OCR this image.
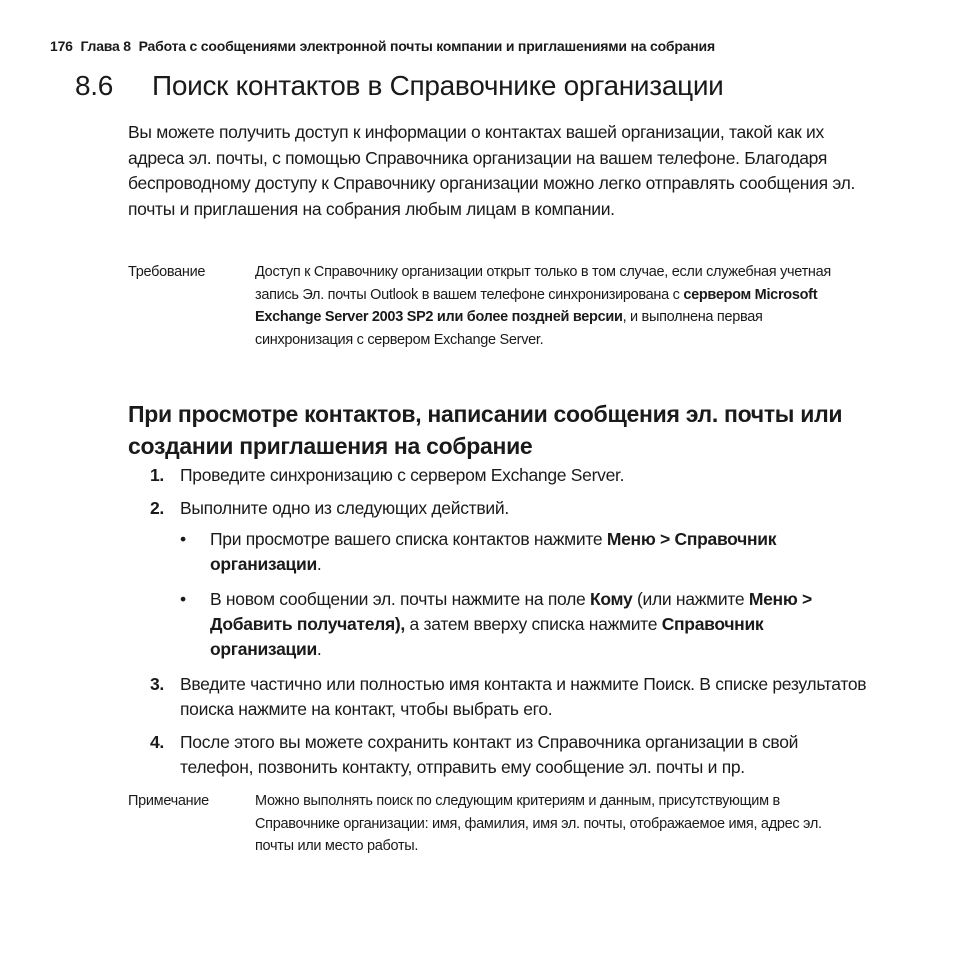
176 Глава 8 Работа с сообщениями электронной почты компании и приглашениями на собрания
8.6 Поиск контактов в Справочнике организации

Вы можете получить доступ к информации о контактах вашей организации, такой как их адреса эл. почты, с помощью Справочника организации на вашем телефоне. Благодаря беспроводному доступу к Справочнику организации можно легко отправлять сообщения эл. почты и приглашения на собрания любым лицам в компании.

Требование	Доступ к Справочнику организации открыт только в том случае, если служебная учетная запись Эл. почты Outlook в вашем телефоне синхронизирована с сервером Microsoft Exchange Server 2003 SP2 или более поздней версии, и выполнена первая синхронизация с сервером Exchange Server.
При просмотре контактов, написании сообщения эл. почты или создании приглашения на собрание
1. Проведите синхронизацию с сервером Exchange Server.
2. Выполните одно из следующих действий.
• При просмотре вашего списка контактов нажмите Меню > Справочник организации.
• В новом сообщении эл. почты нажмите на поле Кому (или нажмите Меню > Добавить получателя), а затем вверху списка нажмите Справочник организации.
3. Введите частично или полностью имя контакта и нажмите Поиск. В списке результатов поиска нажмите на контакт, чтобы выбрать его.
4. После этого вы можете сохранить контакт из Справочника организации в свой телефон, позвонить контакту, отправить ему сообщение эл. почты и пр.
Примечание	Можно выполнять поиск по следующим критериям и данным, присутствующим в Справочнике организации: имя, фамилия, имя эл. почты, отображаемое имя, адрес эл. почты или место работы.
